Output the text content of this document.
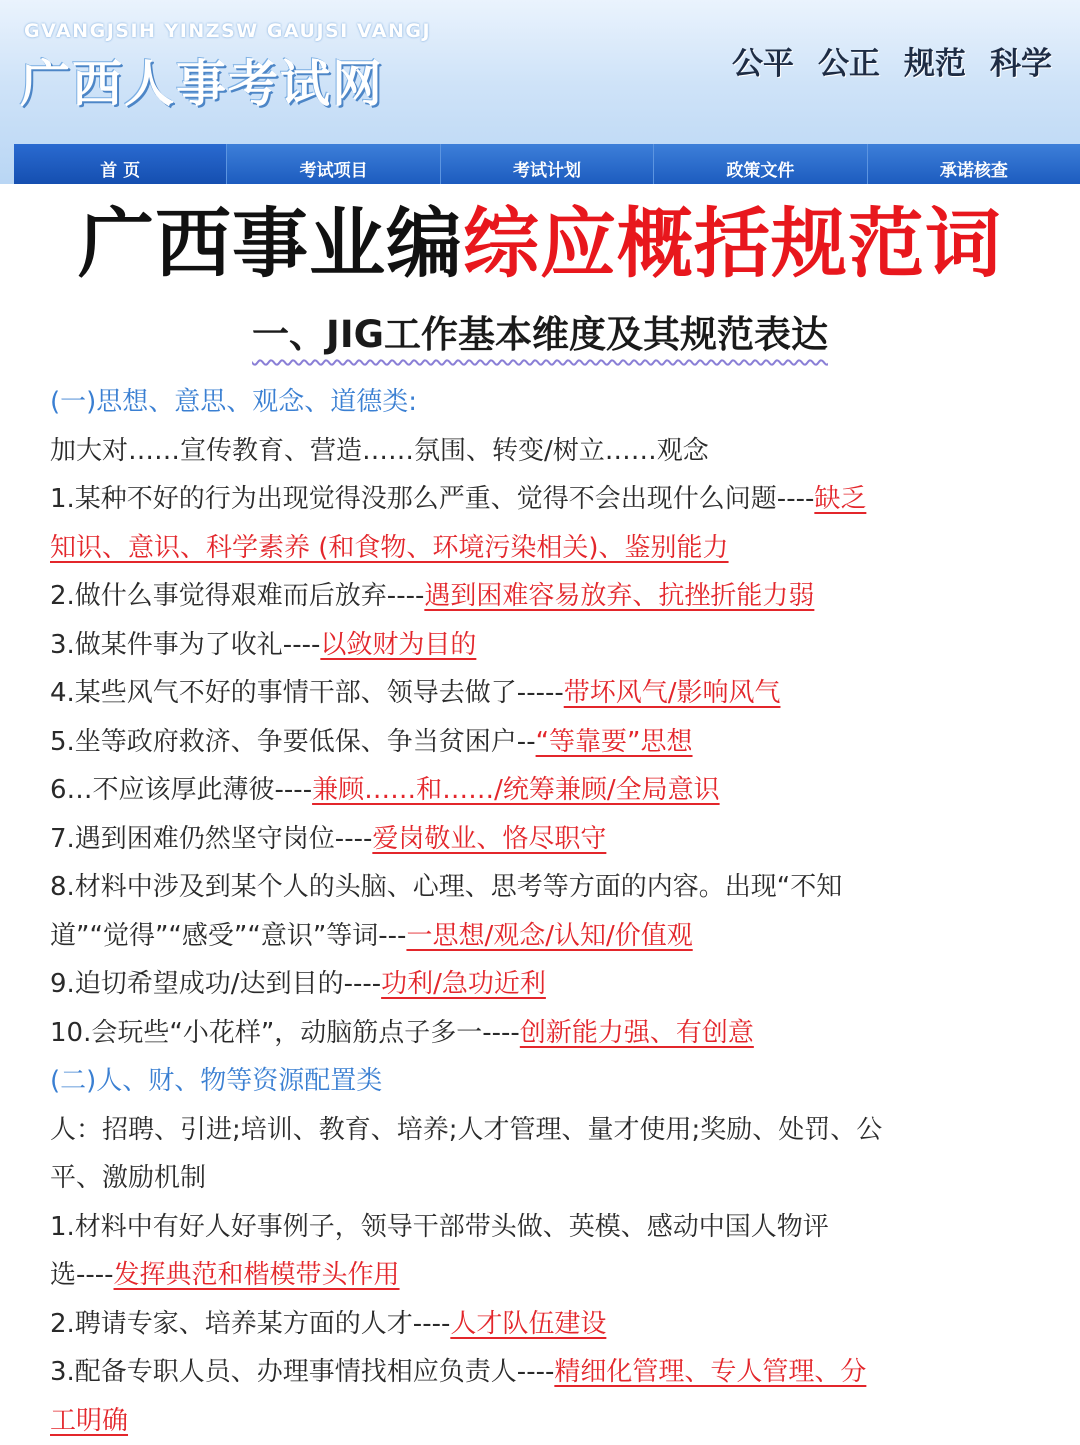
GVANGJSIH YINZSW GAUJSI VANGJ
广西人事考试网	公平 公正 规范 科学
首 页	考试项目	考试计划	政策文件	承诺核查
广西事业编综应概括规范词
一、JIG工作基本维度及其规范表达
(一)思想、意思、观念、道德类:
加大对……宣传教育、营造……氛围、转变/树立……观念
1.某种不好的行为出现觉得没那么严重、觉得不会出现什么问题----缺乏
知识、意识、科学素养 (和食物、环境污染相关)、鉴别能力
2.做什么事觉得艰难而后放弃----遇到困难容易放弃、抗挫折能力弱
3.做某件事为了收礼----以敛财为目的
4.某些风气不好的事情干部、领导去做了-----带坏风气/影响风气
5.坐等政府救济、争要低保、争当贫困户--“等靠要”思想
6…不应该厚此薄彼----兼顾……和……/统筹兼顾/全局意识
7.遇到困难仍然坚守岗位----爱岗敬业、恪尽职守
8.材料中涉及到某个人的头脑、心理、思考等方面的内容。出现“不知
道”“觉得”“感受”“意识”等词---一思想/观念/认知/价值观
9.迫切希望成功/达到目的----功利/急功近利
10.会玩些“小花样”，动脑筋点子多一----创新能力强、有创意
(二)人、财、物等资源配置类
人：招聘、引进;培训、教育、培养;人才管理、量才使用;奖励、处罚、公
平、激励机制
1.材料中有好人好事例子，领导干部带头做、英模、感动中国人物评
选----发挥典范和楷模带头作用
2.聘请专家、培养某方面的人才----人才队伍建设
3.配备专职人员、办理事情找相应负责人----精细化管理、专人管理、分
工明确
